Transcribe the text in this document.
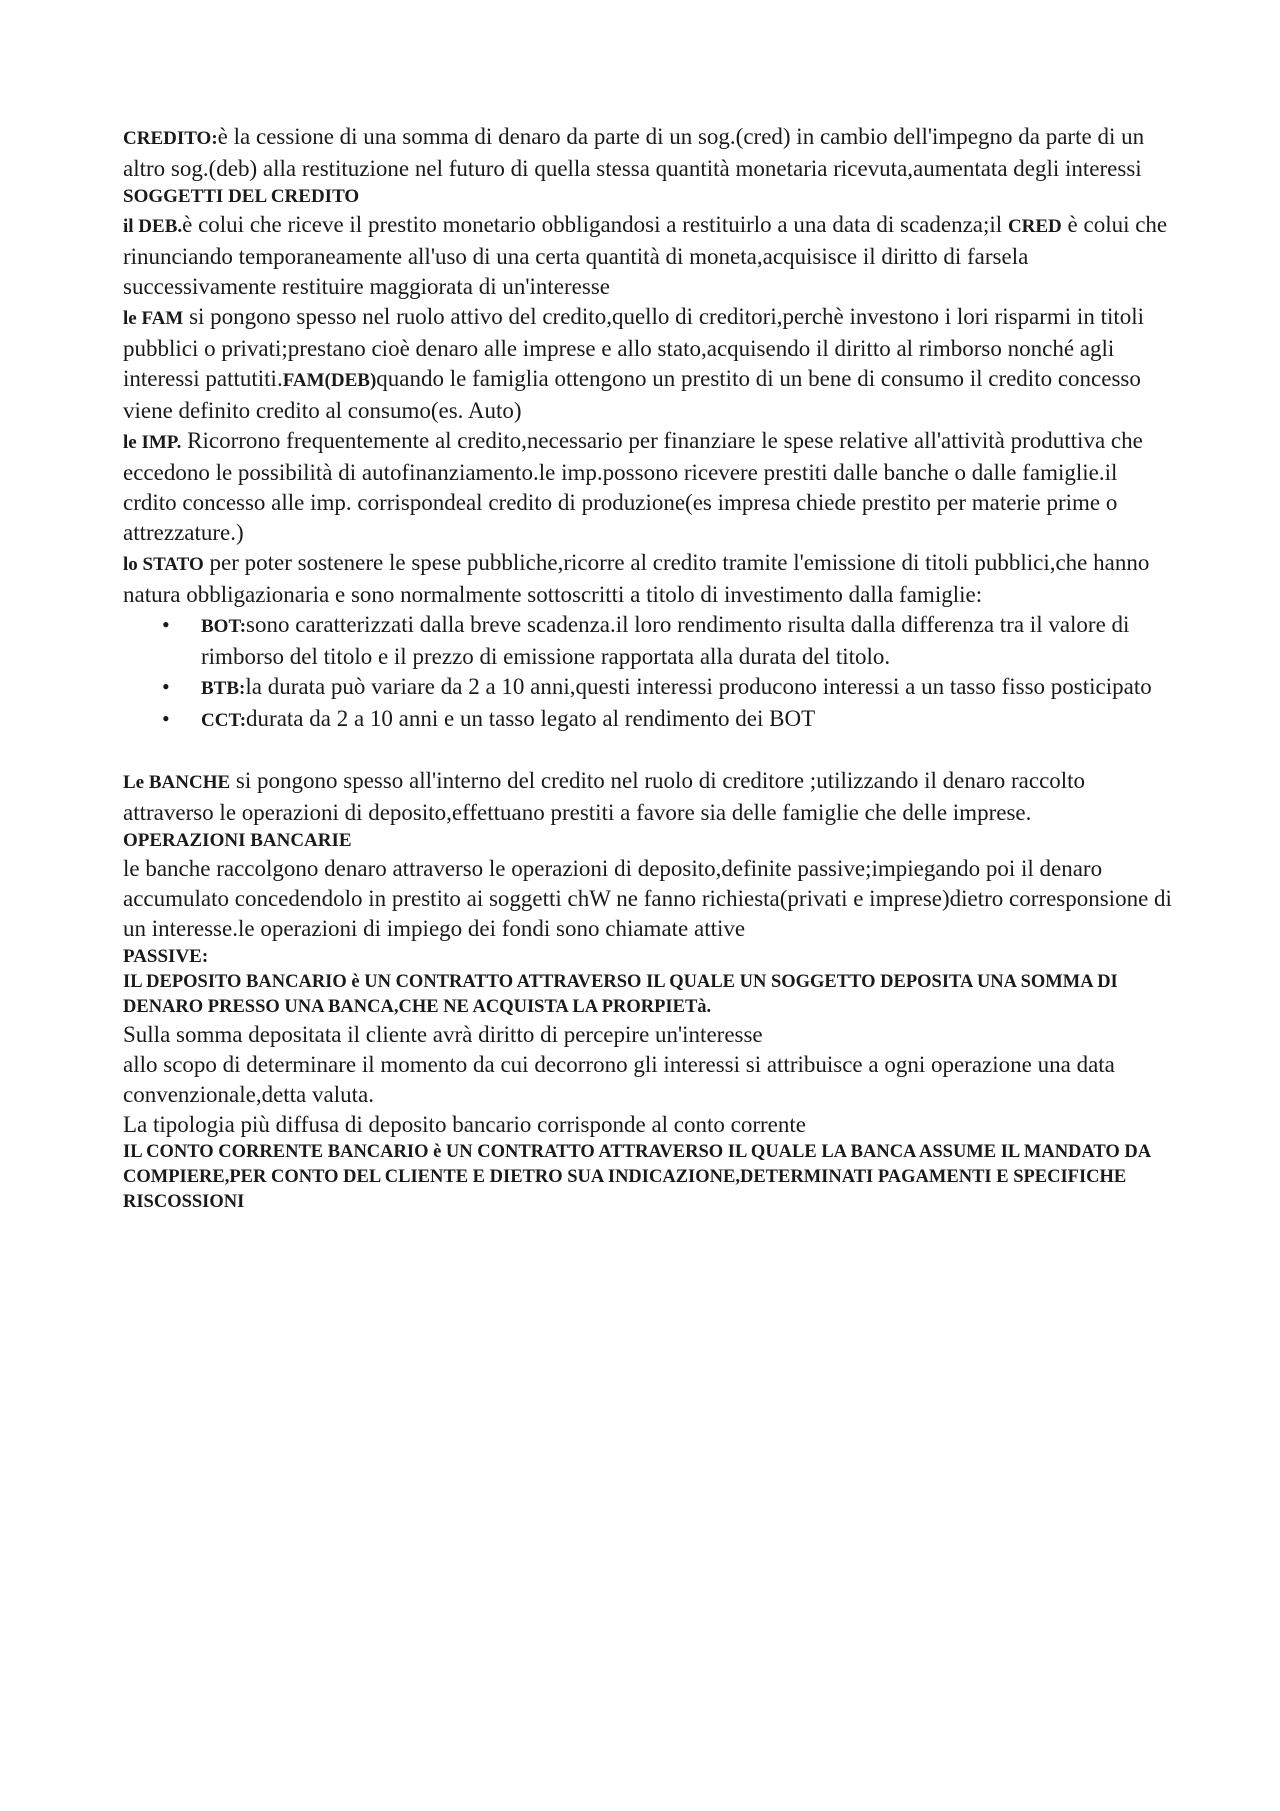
CREDITO:è la cessione di una somma di denaro da parte di un sog.(cred) in cambio dell'impegno da parte di un altro sog.(deb) alla restituzione nel futuro di quella stessa quantità monetaria ricevuta,aumentata degli interessi

SOGGETTI DEL CREDITO

il DEB.è colui che riceve il prestito monetario obbligandosi a restituirlo a una data di scadenza;il CRED è colui che rinunciando temporaneamente all'uso di una certa quantità di moneta,acquisisce il diritto di farsela successivamente restituire maggiorata di un'interesse

le FAM si pongono spesso nel ruolo attivo del credito,quello di creditori,perchè investono i lori risparmi in titoli pubblici o privati;prestano cioè denaro alle imprese e allo stato,acquisendo il diritto al rimborso nonché agli interessi pattutiti.FAM(DEB)quando le famiglia ottengono un prestito di un bene di consumo il credito concesso viene definito credito al consumo(es. Auto)

le IMP. Ricorrono frequentemente al credito,necessario per finanziare le spese relative all'attività produttiva che eccedono le possibilità di autofinanziamento.le imp.possono ricevere prestiti dalle banche o dalle famiglie.il crdito concesso alle imp. corrispondeal credito di produzione(es impresa chiede prestito per materie prime o attrezzature.)

lo STATO per poter sostenere le spese pubbliche,ricorre al credito tramite l'emissione di titoli pubblici,che hanno natura obbligazionaria e sono normalmente sottoscritti a titolo di investimento dalla famiglie:

• BOT:sono caratterizzati dalla breve scadenza.il loro rendimento risulta dalla differenza tra il valore di rimborso del titolo e il prezzo di emissione rapportata alla durata del titolo.
• BTB:la durata può variare da 2 a 10 anni,questi interessi producono interessi a un tasso fisso posticipato
• CCT:durata da 2 a 10 anni e un tasso legato al rendimento dei BOT

Le BANCHE si pongono spesso all'interno del credito nel ruolo di creditore ;utilizzando il denaro raccolto attraverso le operazioni di deposito,effettuano prestiti a favore sia delle famiglie che delle imprese.

OPERAZIONI BANCARIE

le banche raccolgono denaro attraverso le operazioni di deposito,definite passive;impiegando poi il denaro accumulato concedendolo in prestito ai soggetti chW ne fanno richiesta(privati e imprese)dietro corresponsione di un interesse.le operazioni di impiego dei fondi sono chiamate attive

PASSIVE:

IL DEPOSITO BANCARIO è UN CONTRATTO ATTRAVERSO IL QUALE UN SOGGETTO DEPOSITA UNA SOMMA DI DENARO PRESSO UNA BANCA,CHE NE ACQUISTA LA PRORPIETà.

Sulla somma depositata il cliente avrà diritto di percepire un'interesse

allo scopo di determinare il momento da cui decorrono gli interessi si attribuisce a ogni operazione una data convenzionale,detta valuta.

La tipologia più diffusa di deposito bancario corrisponde al conto corrente

IL CONTO CORRENTE BANCARIO è UN CONTRATTO ATTRAVERSO IL QUALE LA BANCA ASSUME IL MANDATO DA COMPIERE,PER CONTO DEL CLIENTE E DIETRO SUA INDICAZIONE,DETERMINATI PAGAMENTI E SPECIFICHE RISCOSSIONI
